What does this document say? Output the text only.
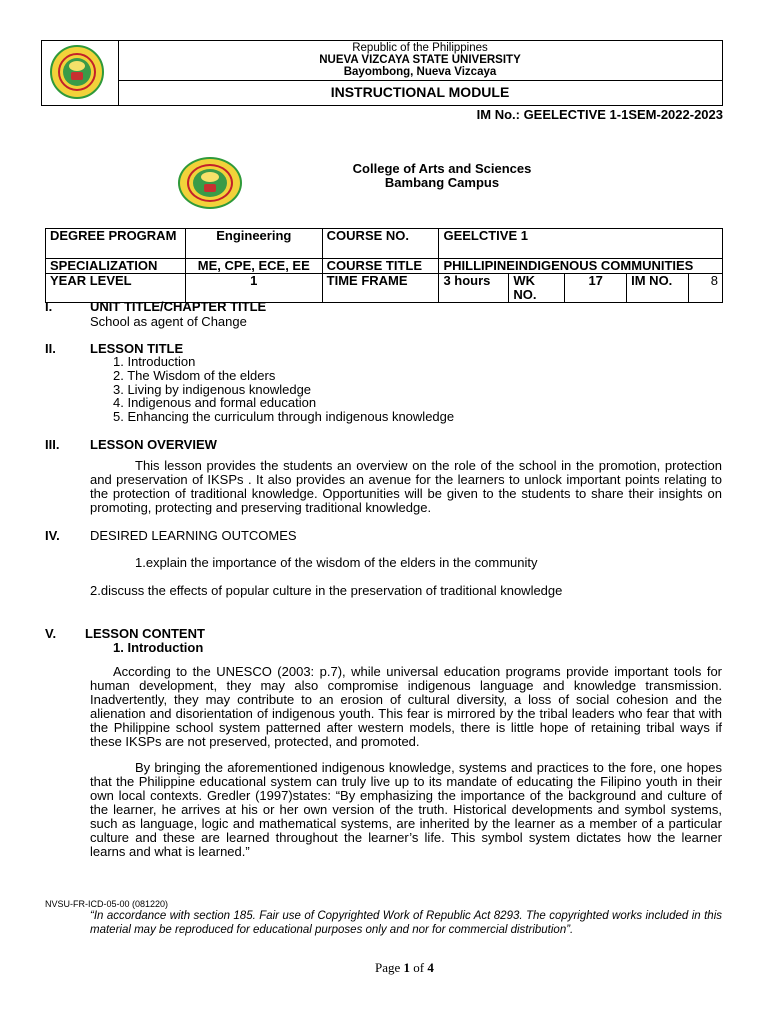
Republic of the Philippines
NUEVA VIZCAYA STATE UNIVERSITY
Bayombong, Nueva Vizcaya
INSTRUCTIONAL MODULE
IM No.: GEELECTIVE 1-1SEM-2022-2023
College of Arts and Sciences
Bambang Campus
DEGREE PROGRAM	Engineering	COURSE NO.	GEELCTIVE 1				
SPECIALIZATION	ME, CPE, ECE, EE	COURSE TITLE	PHILLIPINEINDIGENOUS COMMUNITIES				
YEAR LEVEL	1	TIME FRAME	3 hours	WK NO.	17	IM NO.	8
I.	UNIT TITLE/CHAPTER TITLE
School as agent of Change
II.	LESSON TITLE
1. Introduction
2. The Wisdom of the elders
3. Living by indigenous knowledge
4. Indigenous and formal education
5. Enhancing the curriculum through indigenous knowledge
III. LESSON OVERVIEW
This lesson provides the students an overview on the role of the school in the promotion, protection and preservation of IKSPs . It also provides an avenue for the learners to unlock important points relating to the protection of traditional knowledge. Opportunities will be given to the students to share their insights on promoting, protecting and preserving traditional knowledge.
IV. DESIRED LEARNING OUTCOMES
1.explain the importance of the wisdom of the elders in the community
2.discuss the effects of popular culture in the preservation of traditional knowledge
V. LESSON CONTENT
1. Introduction
According to the UNESCO (2003: p.7), while universal education programs provide important tools for human development, they may also compromise indigenous language and knowledge transmission. Inadvertently, they may contribute to an erosion of cultural diversity, a loss of social cohesion and the alienation and disorientation of indigenous youth. This fear is mirrored by the tribal leaders who fear that with the Philippine school system patterned after western models, there is little hope of retaining tribal ways if these IKSPs are not preserved, protected, and promoted.
By bringing the aforementioned indigenous knowledge, systems and practices to the fore, one hopes that the Philippine educational system can truly live up to its mandate of educating the Filipino youth in their own local contexts. Gredler (1997)states: “By emphasizing the importance of the background and culture of the learner, he arrives at his or her own version of the truth. Historical developments and symbol systems, such as language, logic and mathematical systems, are inherited by the learner as a member of a particular culture and these are learned throughout the learner’s life. This symbol system dictates how the learner learns and what is learned.”
NVSU-FR-ICD-05-00 (081220)
“In accordance with section 185. Fair use of Copyrighted Work of Republic Act 8293. The copyrighted works included in this material may be reproduced for educational purposes only and nor for commercial distribution”.
Page 1 of 4
